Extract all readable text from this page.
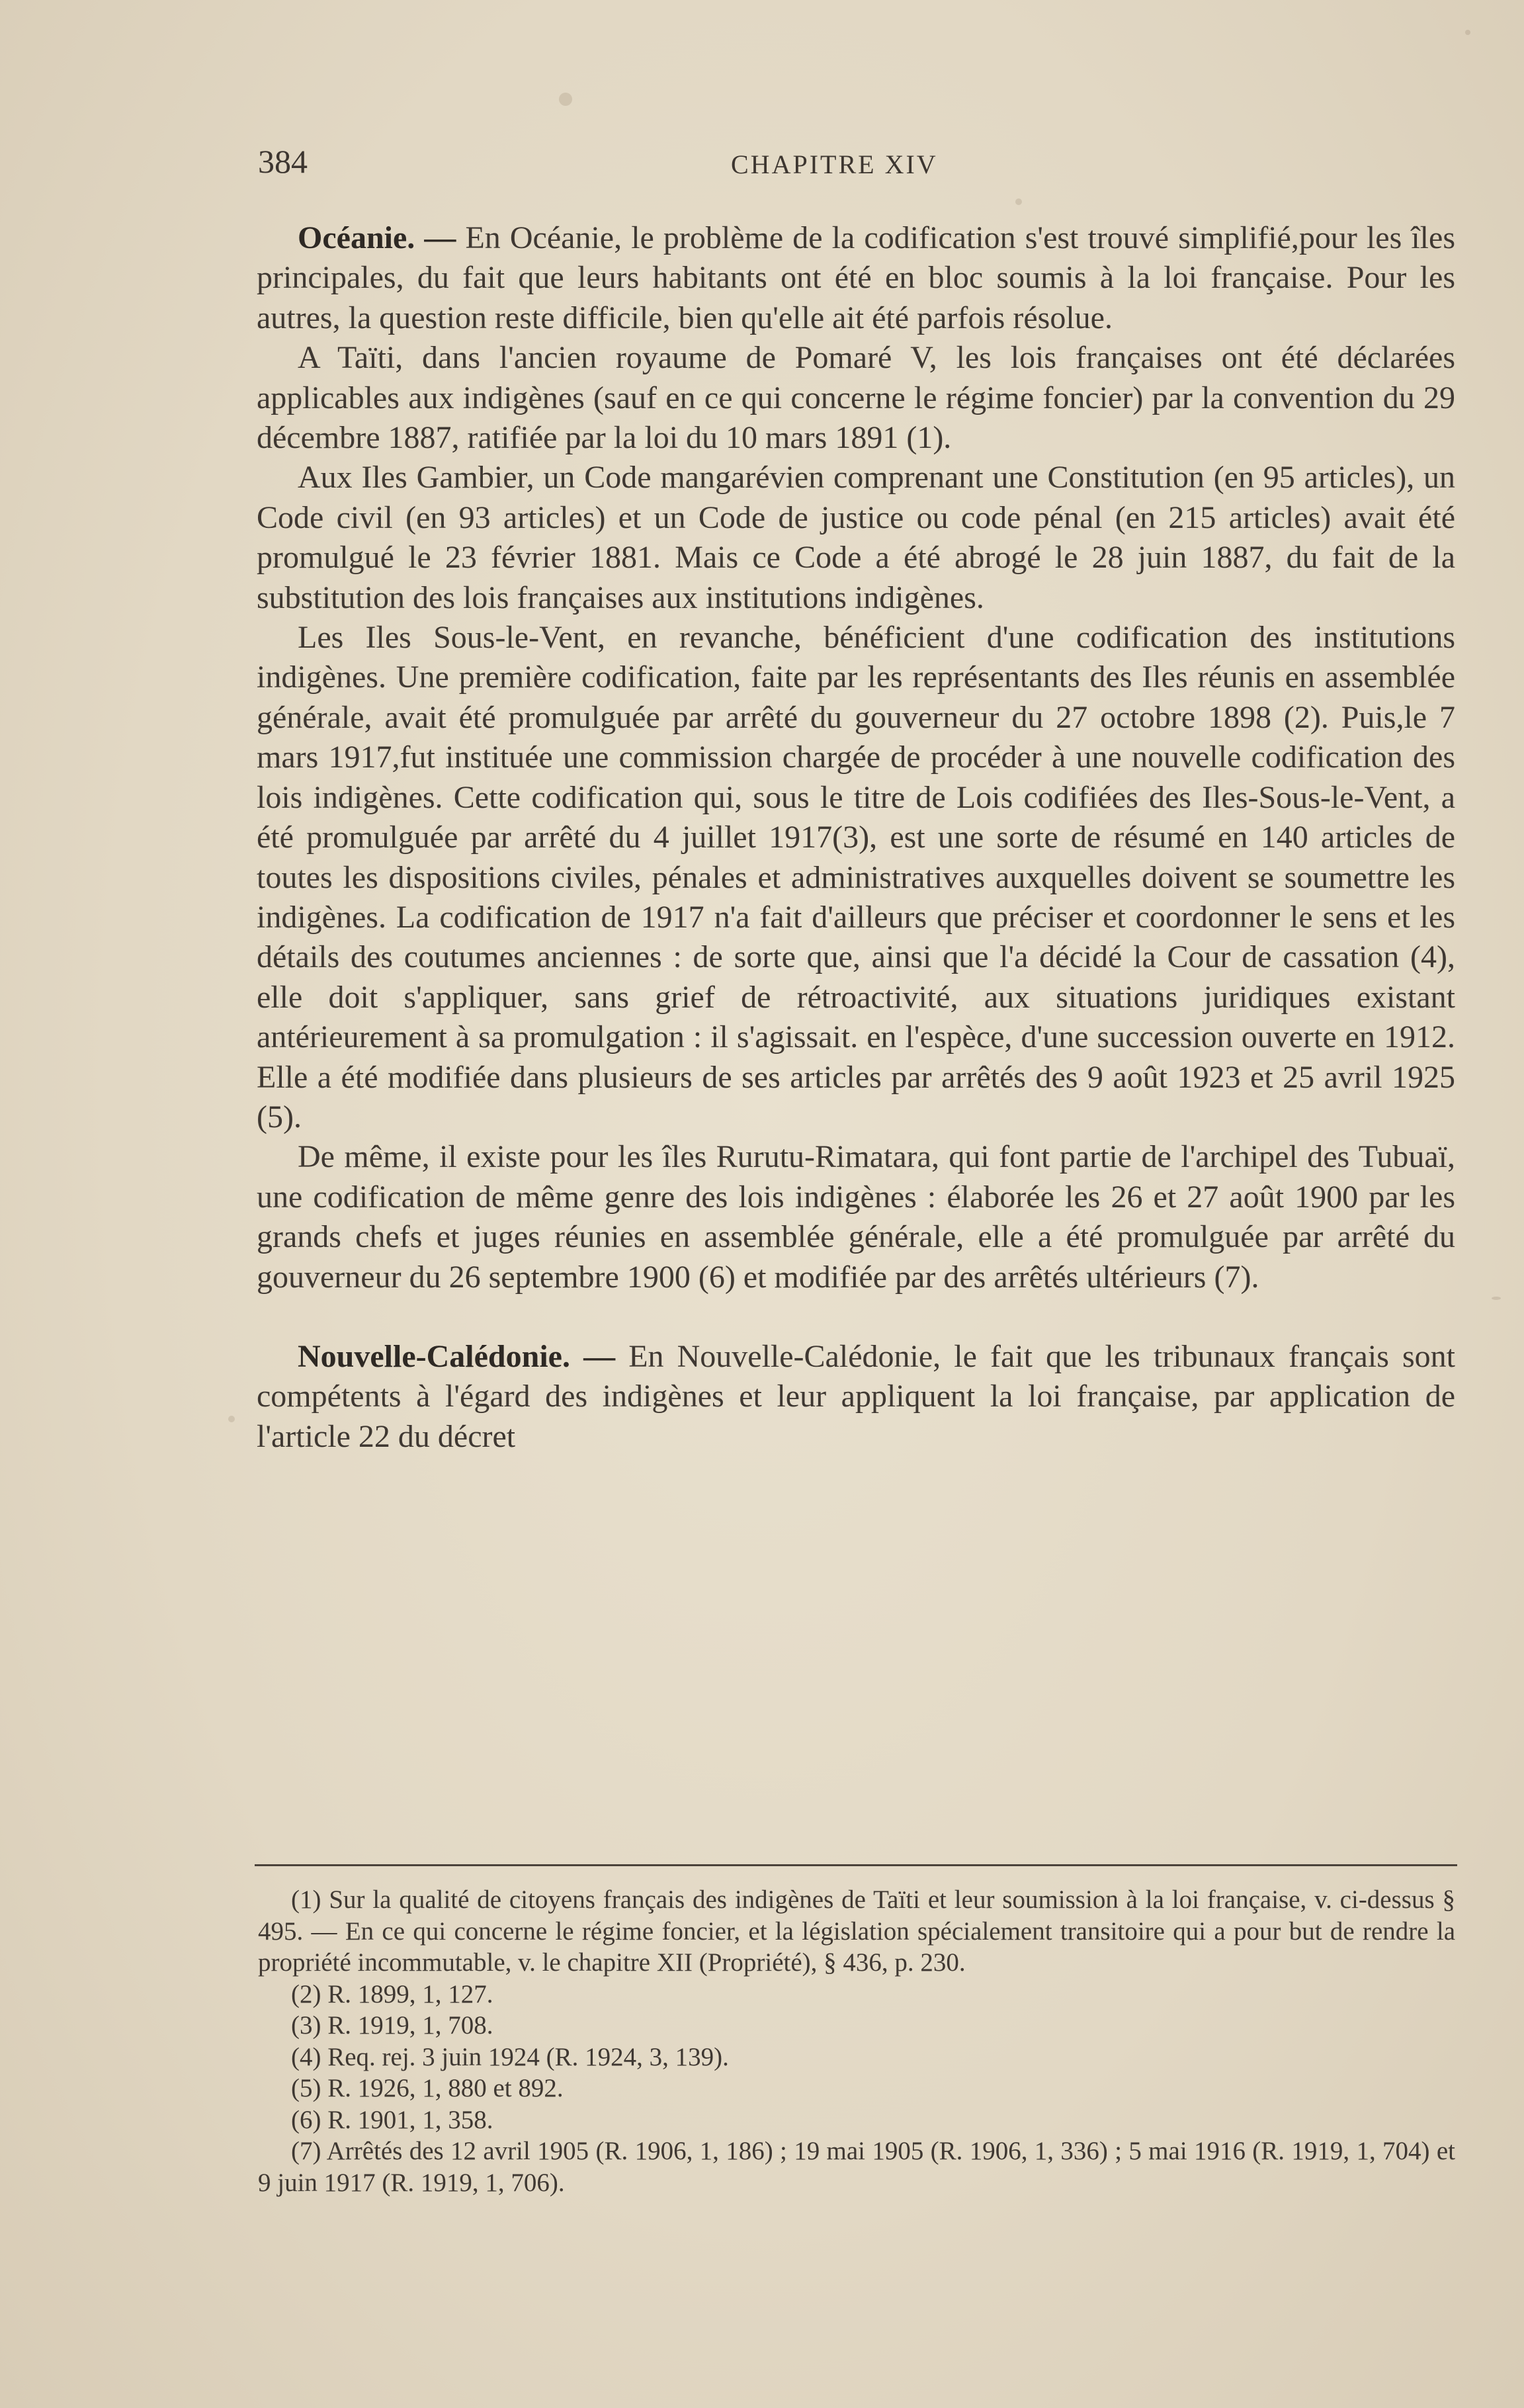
384	CHAPITRE XIV

Océanie. — En Océanie, le problème de la codification s'est trouvé simplifié,pour les îles principales, du fait que leurs habitants ont été en bloc soumis à la loi française. Pour les autres, la question reste difficile, bien qu'elle ait été parfois résolue.

A Taïti, dans l'ancien royaume de Pomaré V, les lois françaises ont été déclarées applicables aux indigènes (sauf en ce qui concerne le régime foncier) par la convention du 29 décembre 1887, ratifiée par la loi du 10 mars 1891 (1).

Aux Iles Gambier, un Code mangarévien comprenant une Constitution (en 95 articles), un Code civil (en 93 articles) et un Code de justice ou code pénal (en 215 articles) avait été promulgué le 23 février 1881. Mais ce Code a été abrogé le 28 juin 1887, du fait de la substitution des lois françaises aux institutions indigènes.

Les Iles Sous-le-Vent, en revanche, bénéficient d'une codification des institutions indigènes. Une première codification, faite par les représentants des Iles réunis en assemblée générale, avait été promulguée par arrêté du gouverneur du 27 octobre 1898 (2). Puis,le 7 mars 1917,fut instituée une commission chargée de procéder à une nouvelle codification des lois indigènes. Cette codification qui, sous le titre de Lois codifiées des Iles-Sous-le-Vent, a été promulguée par arrêté du 4 juillet 1917(3), est une sorte de résumé en 140 articles de toutes les dispositions civiles, pénales et administratives auxquelles doivent se soumettre les indigènes. La codification de 1917 n'a fait d'ailleurs que préciser et coordonner le sens et les détails des coutumes anciennes : de sorte que, ainsi que l'a décidé la Cour de cassation (4), elle doit s'appliquer, sans grief de rétroactivité, aux situations juridiques existant antérieurement à sa promulgation : il s'agissait. en l'espèce, d'une succession ouverte en 1912. Elle a été modifiée dans plusieurs de ses articles par arrêtés des 9 août 1923 et 25 avril 1925 (5).

De même, il existe pour les îles Rurutu-Rimatara, qui font partie de l'archipel des Tubuaï, une codification de même genre des lois indigènes : élaborée les 26 et 27 août 1900 par les grands chefs et juges réunies en assemblée générale, elle a été promulguée par arrêté du gouverneur du 26 septembre 1900 (6) et modifiée par des arrêtés ultérieurs (7).

Nouvelle-Calédonie. — En Nouvelle-Calédonie, le fait que les tribunaux français sont compétents à l'égard des indigènes et leur appliquent la loi française, par application de l'article 22 du décret

(1) Sur la qualité de citoyens français des indigènes de Taïti et leur soumission à la loi française, v. ci-dessus § 495. — En ce qui concerne le régime foncier, et la législation spécialement transitoire qui a pour but de rendre la propriété incommutable, v. le chapitre XII (Propriété), § 436, p. 230.

(2) R. 1899, 1, 127.

(3) R. 1919, 1, 708.

(4) Req. rej. 3 juin 1924 (R. 1924, 3, 139).

(5) R. 1926, 1, 880 et 892.

(6) R. 1901, 1, 358.

(7) Arrêtés des 12 avril 1905 (R. 1906, 1, 186) ; 19 mai 1905 (R. 1906, 1, 336) ; 5 mai 1916 (R. 1919, 1, 704) et 9 juin 1917 (R. 1919, 1, 706).
